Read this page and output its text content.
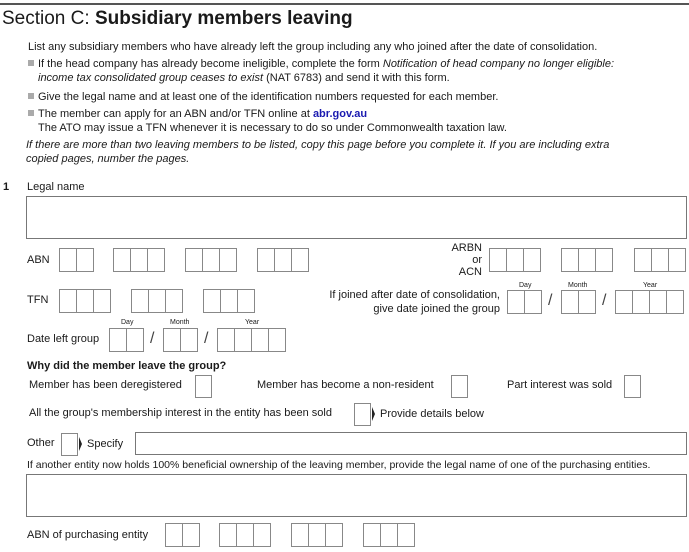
Section C: Subsidiary members leaving
List any subsidiary members who have already left the group including any who joined after the date of consolidation.
If the head company has already become ineligible, complete the form Notification of head company no longer eligible:
income tax consolidated group ceases to exist (NAT 6783) and send it with this form.
Give the legal name and at least one of the identification numbers requested for each member.
The member can apply for an ABN and/or TFN online at abr.gov.au
The ATO may issue a TFN whenever it is necessary to do so under Commonwealth taxation law.
If there are more than two leaving members to be listed, copy this page before you complete it. If you are including extra
copied pages, number the pages.
1 Legal name
ABN
ARBN
or
ACN
TFN	If joined after date of consolidation,
give date joined the group
Day	Month	Year
/	/
Date left group
Day	Month	Year
/	/
Why did the member leave the group?
Member has been deregistered	Member has become a non-resident	Part interest was sold
All the group's membership interest in the entity has been sold	Provide details below
Other	Specify
If another entity now holds 100% beneficial ownership of the leaving member, provide the legal name of one of the purchasing entities.
ABN of purchasing entity
